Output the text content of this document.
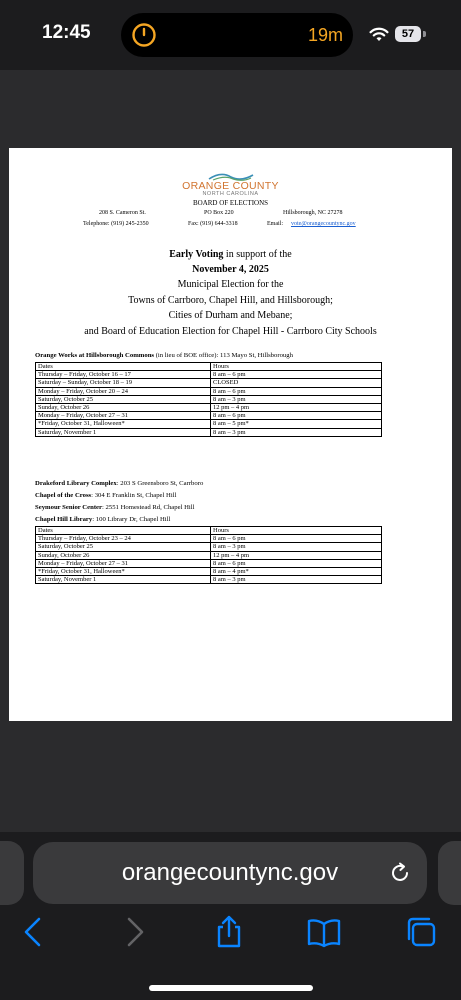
12:45	19m	57
ORANGE COUNTY
NORTH CAROLINA
BOARD OF ELECTIONS
208 S. Cameron St.	PO Box 220	Hillsborough, NC 27278
Telephone: (919) 245-2350	Fax: (919) 644-3318	Email: vote@orangecountync.gov
Early Voting in support of the
November 4, 2025
Municipal Election for the
Towns of Carrboro, Chapel Hill, and Hillsborough;
Cities of Durham and Mebane;
and Board of Education Election for Chapel Hill - Carrboro City Schools
Orange Works at Hillsborough Commons (in lieu of BOE office): 113 Mayo St, Hillsborough
Dates	Hours
Thursday – Friday, October 16 – 17	8 am – 6 pm
Saturday – Sunday, October 18 – 19	CLOSED
Monday – Friday, October 20 – 24	8 am – 6 pm
Saturday, October 25	8 am – 3 pm
Sunday, October 26	12 pm – 4 pm
Monday – Friday, October 27 – 31	8 am – 6 pm
*Friday, October 31, Halloween*	8 am – 5 pm*
Saturday, November 1	8 am – 3 pm
Drakeford Library Complex: 203 S Greensboro St, Carrboro
Chapel of the Cross: 304 E Franklin St, Chapel Hill
Seymour Senior Center: 2551 Homestead Rd, Chapel Hill
Chapel Hill Library: 100 Library Dr, Chapel Hill
Dates	Hours
Thursday – Friday, October 23 – 24	8 am – 6 pm
Saturday, October 25	8 am – 3 pm
Sunday, October 26	12 pm – 4 pm
Monday – Friday, October 27 – 31	8 am – 6 pm
*Friday, October 31, Halloween*	8 am – 4 pm*
Saturday, November 1	8 am – 3 pm
orangecountync.gov
